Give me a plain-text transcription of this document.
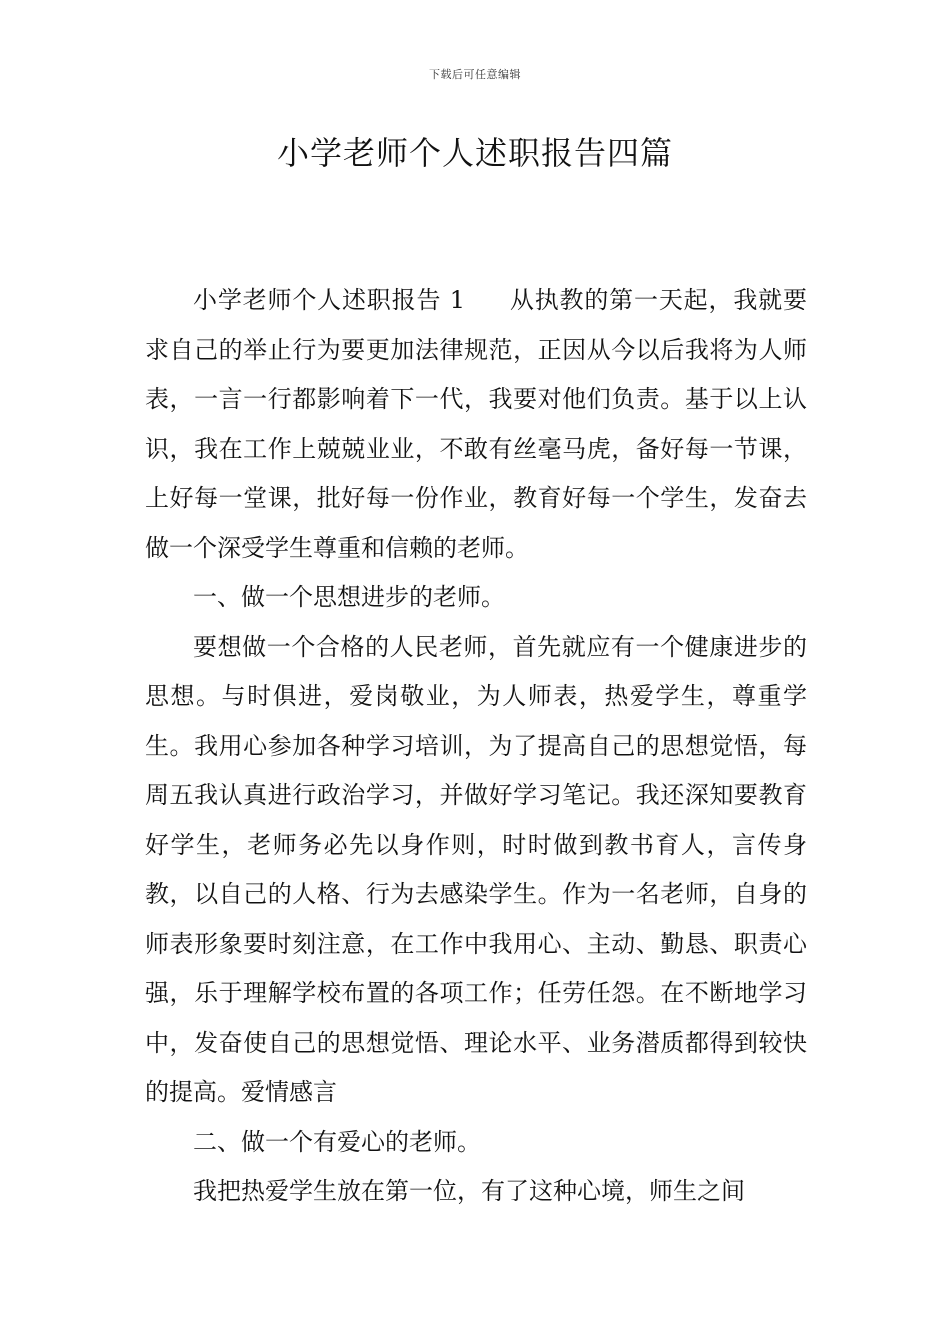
下载后可任意编辑
小学老师个人述职报告四篇

小学老师个人述职报告 1 从执教的第一天起，我就要求自己的举止行为要更加法律规范，正因从今以后我将为人师表，一言一行都影响着下一代，我要对他们负责。基于以上认识，我在工作上兢兢业业，不敢有丝毫马虎，备好每一节课，上好每一堂课，批好每一份作业，教育好每一个学生，发奋去做一个深受学生尊重和信赖的老师。

一、做一个思想进步的老师。

要想做一个合格的人民老师，首先就应有一个健康进步的思想。与时俱进，爱岗敬业，为人师表，热爱学生，尊重学生。我用心参加各种学习培训，为了提高自己的思想觉悟，每周五我认真进行政治学习，并做好学习笔记。我还深知要教育好学生，老师务必先以身作则，时时做到教书育人，言传身教，以自己的人格、行为去感染学生。作为一名老师，自身的师表形象要时刻注意，在工作中我用心、主动、勤恳、职责心强，乐于理解学校布置的各项工作；任劳任怨。在不断地学习中，发奋使自己的思想觉悟、理论水平、业务潜质都得到较快的提高。爱情感言

二、做一个有爱心的老师。

我把热爱学生放在第一位，有了这种心境，师生之间
